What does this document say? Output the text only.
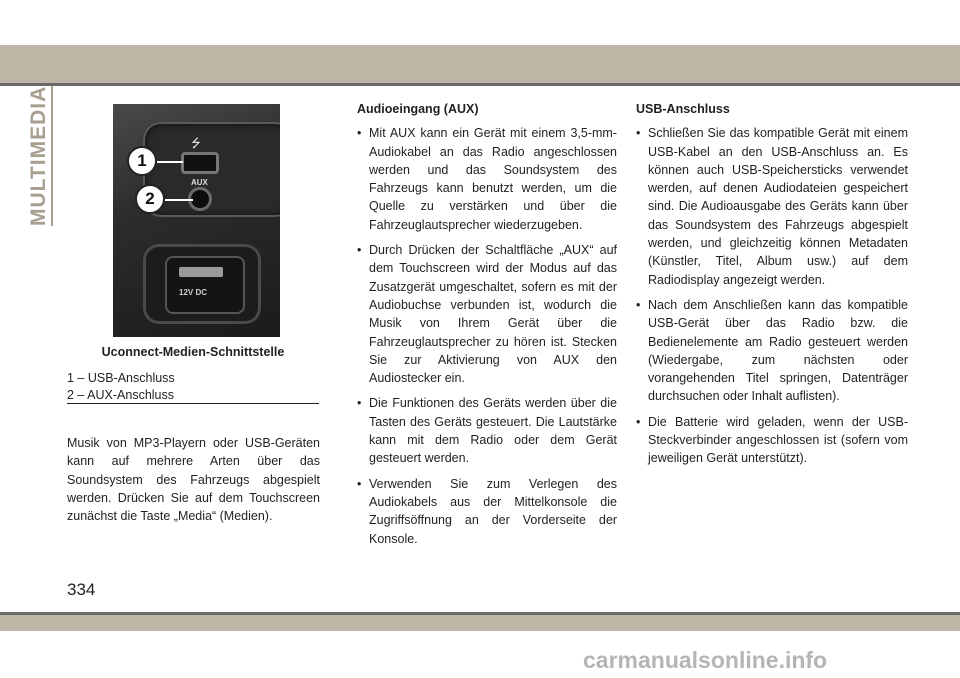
MULTIMEDIA	⭍
AUX
12V DC
1
2
Uconnect-Medien-Schnittstelle
1 – USB-Anschluss
2 – AUX-Anschluss

Musik von MP3-Playern oder USB-Geräten kann auf mehrere Arten über das Soundsystem des Fahrzeugs abgespielt werden. Drücken Sie auf dem Touchscreen zunächst die Taste „Media“ (Medien).

Audioeingang (AUX)
• Mit AUX kann ein Gerät mit einem 3,5-mm-Audiokabel an das Radio angeschlossen werden und das Soundsystem des Fahrzeugs kann benutzt werden, um die Quelle zu verstärken und über die Fahrzeuglautsprecher wiederzugeben.
• Durch Drücken der Schaltfläche „AUX“ auf dem Touchscreen wird der Modus auf das Zusatzgerät umgeschaltet, sofern es mit der Audiobuchse verbunden ist, wodurch die Musik von Ihrem Gerät über die Fahrzeuglautsprecher zu hören ist. Stecken Sie zur Aktivierung von AUX den Audiostecker ein.
• Die Funktionen des Geräts werden über die Tasten des Geräts gesteuert. Die Lautstärke kann mit dem Radio oder dem Gerät gesteuert werden.
• Verwenden Sie zum Verlegen des Audiokabels aus der Mittelkonsole die Zugriffsöffnung an der Vorderseite der Konsole.
USB-Anschluss
• Schließen Sie das kompatible Gerät mit einem USB-Kabel an den USB-Anschluss an. Es können auch USB-Speichersticks verwendet werden, auf denen Audiodateien gespeichert sind. Die Audioausgabe des Geräts kann über das Soundsystem des Fahrzeugs abgespielt werden, und gleichzeitig können Metadaten (Künstler, Titel, Album usw.) auf dem Radiodisplay angezeigt werden.
• Nach dem Anschließen kann das kompatible USB-Gerät über das Radio bzw. die Bedienelemente am Radio gesteuert werden (Wiedergabe, zum nächsten oder vorangehenden Titel springen, Datenträger durchsuchen oder Inhalt auflisten).
• Die Batterie wird geladen, wenn der USB-Steckverbinder angeschlossen ist (sofern vom jeweiligen Gerät unterstützt).
334
carmanualsonline.info
